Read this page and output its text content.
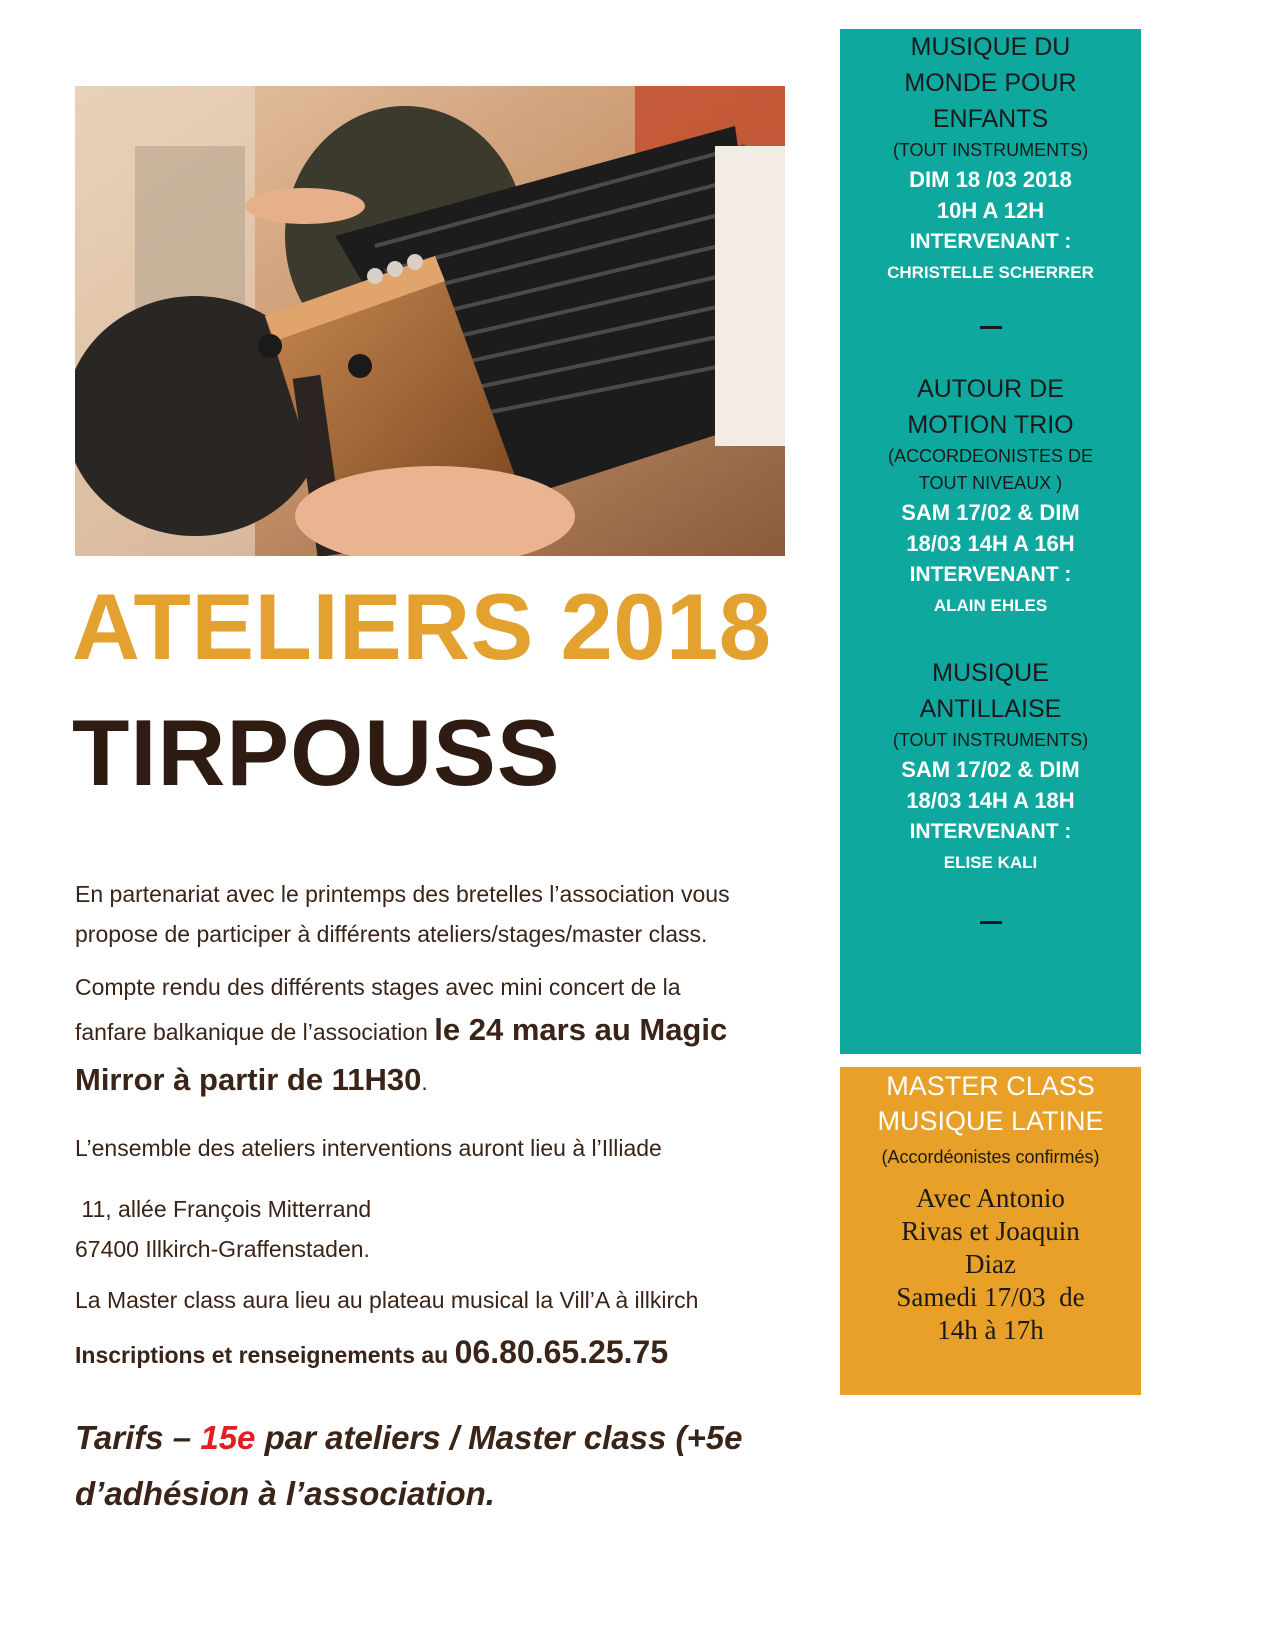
ATELIERS 2018
TIRPOUSS
En partenariat avec le printemps des bretelles l’association vous
propose de participer à différents ateliers/stages/master class.
Compte rendu des différents stages avec mini concert de la

fanfare balkanique de l’association le 24 mars au Magic
Mirror à partir de 11H30.
L’ensemble des ateliers interventions auront lieu à l’Illiade
11, allée François Mitterrand
67400 Illkirch-Graffenstaden.
La Master class aura lieu au plateau musical la Vill’A à illkirch
Inscriptions et renseignements au 06.80.65.25.75
Tarifs – 15e par ateliers / Master class (+5e
d’adhésion à l’association.
MUSIQUE DU
MONDE POUR
ENFANTS
(TOUT INSTRUMENTS)
DIM 18 /03 2018
10H A 12H
INTERVENANT :
CHRISTELLE SCHERRER
AUTOUR DE
MOTION TRIO
(ACCORDEONISTES DE
TOUT NIVEAUX )
SAM 17/02 & DIM
18/03 14H A 16H
INTERVENANT :
ALAIN EHLES
MUSIQUE
ANTILLAISE
(TOUT INSTRUMENTS)
SAM 17/02 & DIM
18/03 14H A 18H
INTERVENANT :
ELISE KALI
MASTER CLASS
MUSIQUE LATINE
(Accordéonistes confirmés)
Avec Antonio
Rivas et Joaquin
Diaz
Samedi 17/03  de
14h à 17h
